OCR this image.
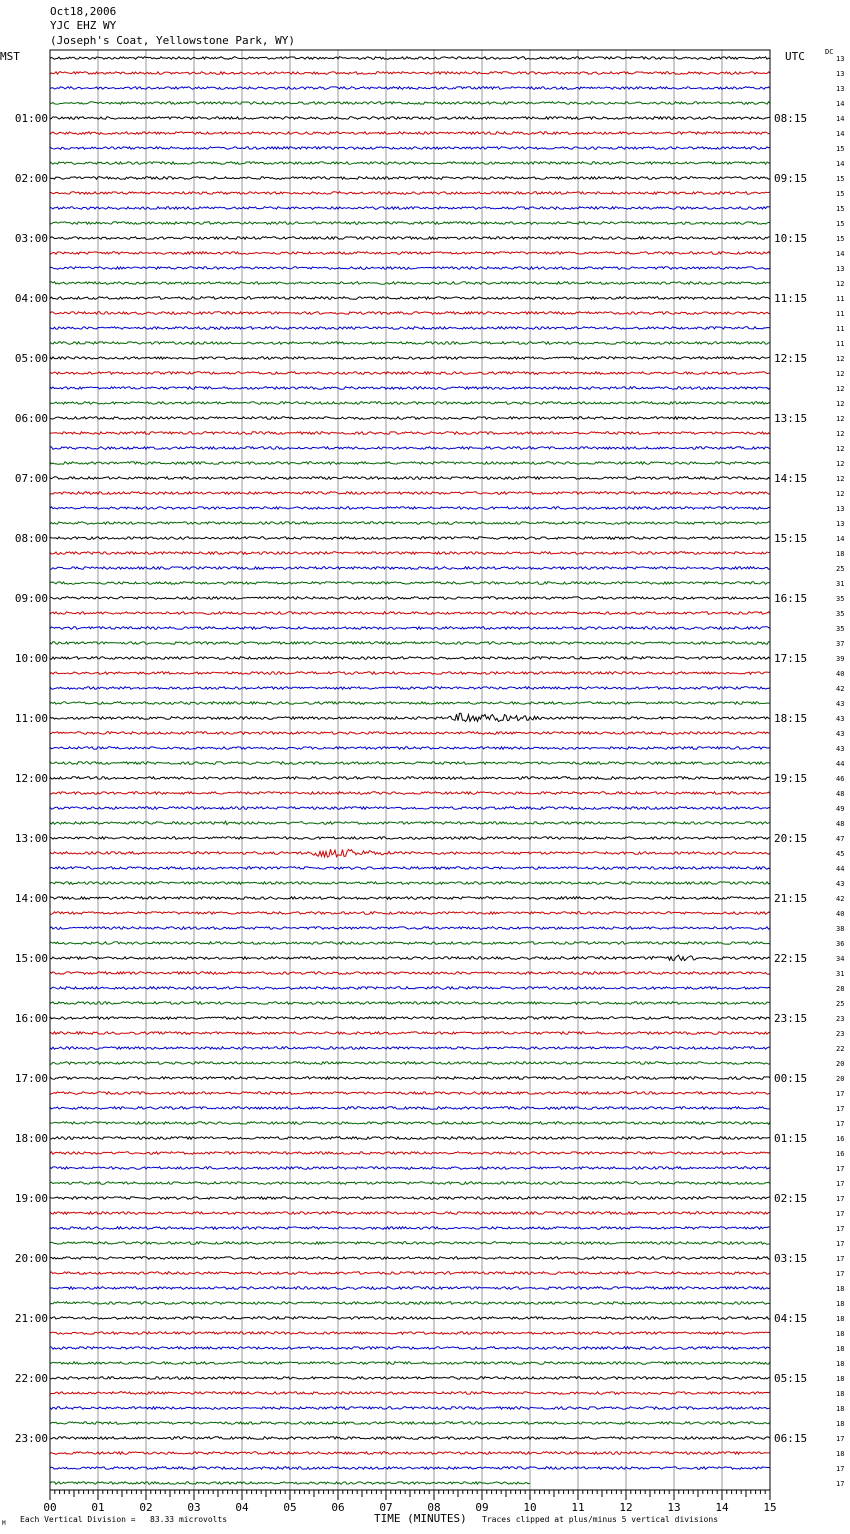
00	01	02	03	04	05	06	07	08	09	10	11	12	13	14	15
01:00
02:00
03:00
04:00
05:00
06:00
07:00
08:00
09:00
10:00
11:00
12:00
13:00
14:00
15:00
16:00
17:00
18:00
19:00
20:00
21:00
22:00
23:00
08:15
09:15
10:15
11:15
12:15
13:15
14:15
15:15
16:15
17:15
18:15
19:15
20:15
21:15
22:15
23:15
00:15
01:15
02:15
03:15
04:15
05:15
06:15
13
13
13
14
14
14
15
14
15
15
15
15
15
14
13
12
11
11
11
11
12
12
12
12
12
12
12
12
12
12
13
13
14
18
25
31
35
35
35
37
39
40
42
43
43
43
43
44
46
48
49
48
47
45
44
43
42
40
38
36
34
31
28
25
23
23
22
20
20
17
17
17
16
16
17
17
17
17
17
17
17
17
18
18
18
18
18
18
18
18
18
18
17
18
17
17
Oct18,2006
YJC EHZ WY
(Joseph's Coat, Yellowstone Park, WY)
MST	UTC	DC
M Each Vertical Division =   83.33 microvolts	TIME (MINUTES) Traces clipped at plus/minus 5 vertical divisions
